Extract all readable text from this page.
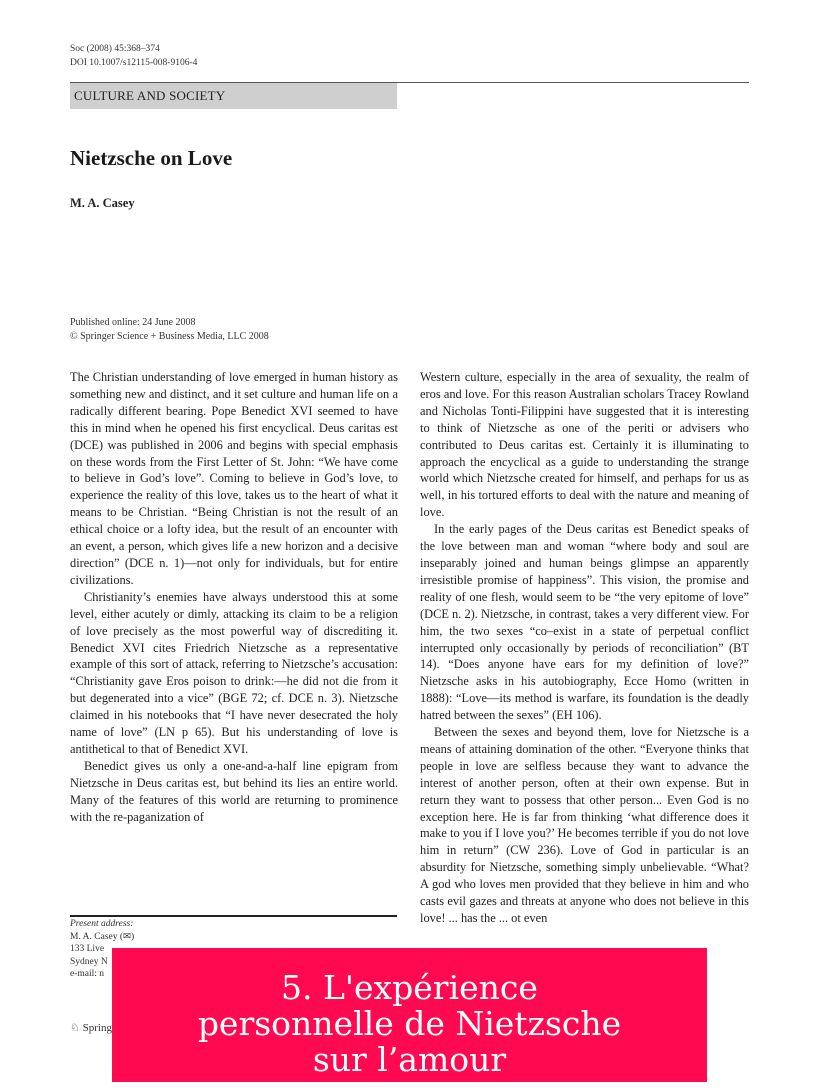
Soc (2008) 45:368–374
DOI 10.1007/s12115-008-9106-4
CULTURE AND SOCIETY
Nietzsche on Love
M. A. Casey
Published online: 24 June 2008
© Springer Science + Business Media, LLC 2008

The Christian understanding of love emerged in human history as something new and distinct, and it set culture and human life on a radically different bearing. Pope Benedict XVI seemed to have this in mind when he opened his first encyclical. Deus caritas est (DCE) was published in 2006 and begins with special emphasis on these words from the First Letter of St. John: “We have come to believe in God’s love”. Coming to believe in God’s love, to experience the reality of this love, takes us to the heart of what it means to be Christian. “Being Christian is not the result of an ethical choice or a lofty idea, but the result of an encounter with an event, a person, which gives life a new horizon and a decisive direction” (DCE n. 1)—not only for individuals, but for entire civilizations.

Christianity’s enemies have always understood this at some level, either acutely or dimly, attacking its claim to be a religion of love precisely as the most powerful way of discrediting it. Benedict XVI cites Friedrich Nietzsche as a representative example of this sort of attack, referring to Nietzsche’s accusation: “Christianity gave Eros poison to drink:—he did not die from it but degenerated into a vice” (BGE 72; cf. DCE n. 3). Nietzsche claimed in his notebooks that “I have never desecrated the holy name of love” (LN p 65). But his understanding of love is antithetical to that of Benedict XVI.

Benedict gives us only a one-and-a-half line epigram from Nietzsche in Deus caritas est, but behind its lies an entire world. Many of the features of this world are returning to prominence with the re-paganization of

Western culture, especially in the area of sexuality, the realm of eros and love. For this reason Australian scholars Tracey Rowland and Nicholas Tonti-Filippini have suggested that it is interesting to think of Nietzsche as one of the periti or advisers who contributed to Deus caritas est. Certainly it is illuminating to approach the encyclical as a guide to understanding the strange world which Nietzsche created for himself, and perhaps for us as well, in his tortured efforts to deal with the nature and meaning of love.

In the early pages of the Deus caritas est Benedict speaks of the love between man and woman “where body and soul are inseparably joined and human beings glimpse an apparently irresistible promise of happiness”. This vision, the promise and reality of one flesh, would seem to be “the very epitome of love” (DCE n. 2). Nietzsche, in contrast, takes a very different view. For him, the two sexes “co–exist in a state of perpetual conflict interrupted only occasionally by periods of reconciliation” (BT 14). “Does anyone have ears for my definition of love?” Nietzsche asks in his autobiography, Ecce Homo (written in 1888): “Love—its method is warfare, its foundation is the deadly hatred between the sexes” (EH 106).

Between the sexes and beyond them, love for Nietzsche is a means of attaining domination of the other. “Everyone thinks that people in love are selfless because they want to advance the interest of another person, often at their own expense. But in return they want to possess that other person... Even God is no exception here. He is far from thinking ‘what difference does it make to you if I love you?’ He becomes terrible if you do not love him in return” (CW 236). Love of God in particular is an absurdity for Nietzsche, something simply unbelievable. “What? A god who loves men provided that they believe in him and who casts evil gazes and threats at anyone who does not believe in this love! ... has the ... ot even

Present address:
M. A. Casey (✉)
133 Live
Sydney N
e-mail: n
♘ Spring
5. L'expérience
personnelle de Nietzsche
sur l’amour
